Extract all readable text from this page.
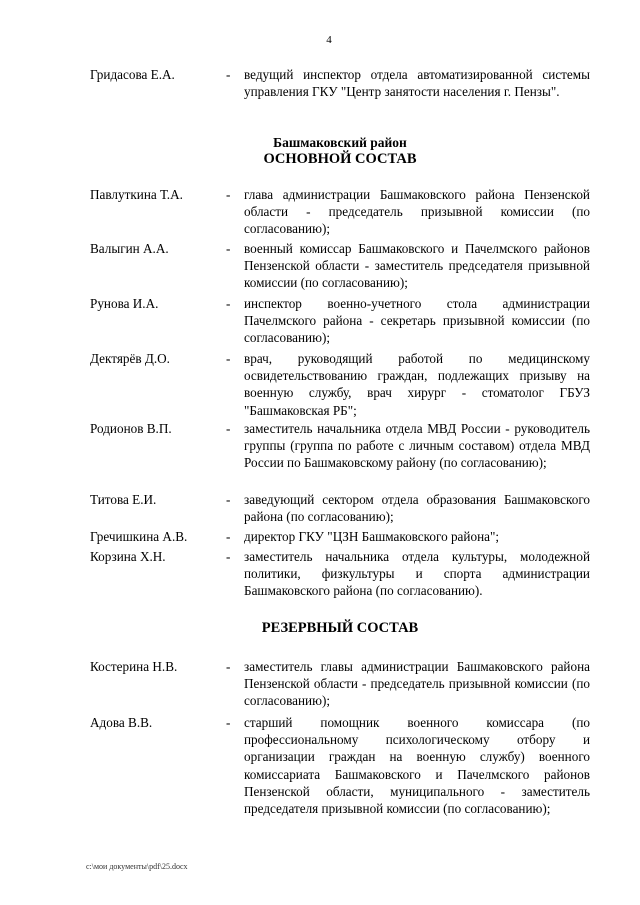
4
Гридасова Е.А.	- ведущий инспектор отдела автоматизированной системы управления ГКУ "Центр занятости населения г. Пензы".
Башмаковский район
ОСНОВНОЙ СОСТАВ
Павлуткина Т.А.	- глава администрации Башмаковского района Пензенской области - председатель призывной комиссии (по согласованию);
Валыгин А.А.	- военный комиссар Башмаковского и Пачелмского районов Пензенской области - заместитель председателя призывной комиссии (по согласованию);
Рунова И.А.	- инспектор военно-учетного стола администрации Пачелмского района - секретарь призывной комиссии (по согласованию);
Дектярёв Д.О.	- врач, руководящий работой по медицинскому освидетельствованию граждан, подлежащих призыву на военную службу, врач хирург - стоматолог ГБУЗ "Башмаковская РБ";
Родионов В.П.	- заместитель начальника отдела МВД России - руководитель группы (группа по работе с личным составом) отдела МВД России по Башмаковскому району (по согласованию);
Титова Е.И.	- заведующий сектором отдела образования Башмаковского района (по согласованию);
Гречишкина А.В.	- директор ГКУ "ЦЗН Башмаковского района";
Корзина Х.Н.	- заместитель начальника отдела культуры, молодежной политики, физкультуры и спорта администрации Башмаковского района (по согласованию).
РЕЗЕРВНЫЙ СОСТАВ
Костерина Н.В.	- заместитель главы администрации Башмаковского района Пензенской области - председатель призывной комиссии (по согласованию);
Адова В.В.	- старший помощник военного комиссара (по профессиональному психологическому отбору и организации граждан на военную службу) военного комиссариата Башмаковского и Пачелмского районов Пензенской области, муниципального - заместитель председателя призывной комиссии (по согласованию);
с:\мои документы\pdf\25.docx
